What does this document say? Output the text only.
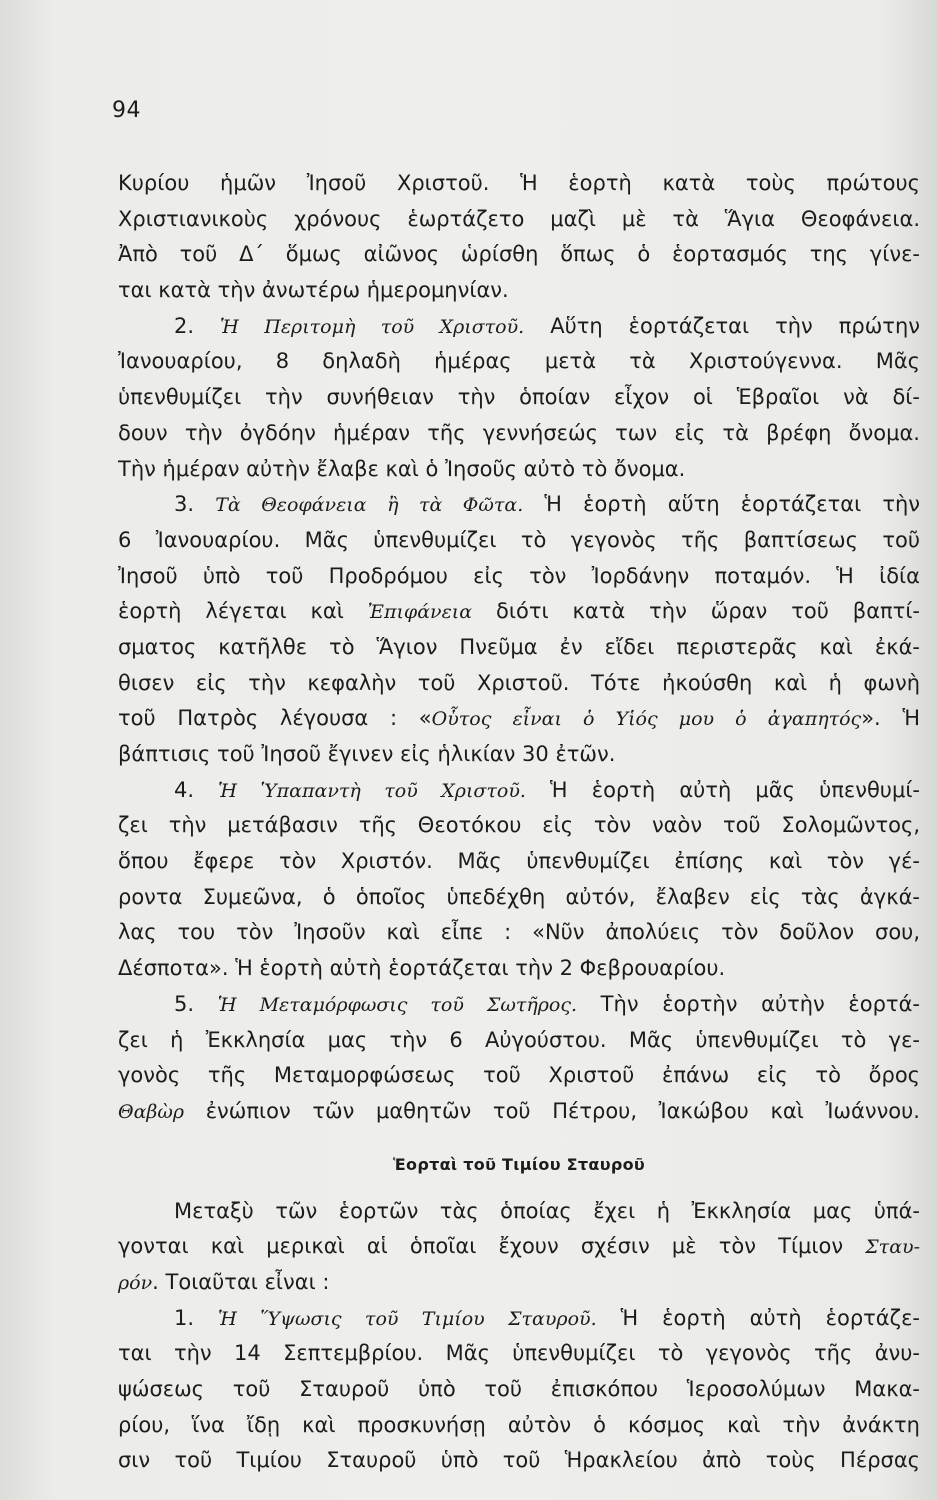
94
Κυρίου ἡμῶν Ἰησοῦ Χριστοῦ. Ἡ ἑορτὴ κατὰ τοὺς πρώτους
Χριστιανικοὺς χρόνους ἑωρτάζετο μαζὶ μὲ τὰ Ἅγια Θεοφάνεια.
Ἀπὸ τοῦ Δ΄ ὅμως αἰῶνος ὡρίσθη ὅπως ὁ ἑορτασμός της γίνε-
ται κατὰ τὴν ἀνωτέρω ἡμερομηνίαν.
2. Ἡ Περιτομὴ τοῦ Χριστοῦ. Αὕτη ἑορτάζεται τὴν πρώτην
Ἰανουαρίου, 8 δηλαδὴ ἡμέρας μετὰ τὰ Χριστούγεννα. Μᾶς
ὑπενθυμίζει τὴν συνήθειαν τὴν ὁποίαν εἶχον οἱ Ἑβραῖοι νὰ δί-
δουν τὴν ὀγδόην ἡμέραν τῆς γεννήσεώς των εἰς τὰ βρέφη ὄνομα.
Τὴν ἡμέραν αὐτὴν ἔλαβε καὶ ὁ Ἰησοῦς αὐτὸ τὸ ὄνομα.
3. Τὰ Θεοφάνεια ἢ τὰ Φῶτα. Ἡ ἑορτὴ αὕτη ἑορτάζεται τὴν
6 Ἰανουαρίου. Μᾶς ὑπενθυμίζει τὸ γεγονὸς τῆς βαπτίσεως τοῦ
Ἰησοῦ ὑπὸ τοῦ Προδρόμου εἰς τὸν Ἰορδάνην ποταμόν. Ἡ ἰδία
ἑορτὴ λέγεται καὶ Ἐπιφάνεια διότι κατὰ τὴν ὥραν τοῦ βαπτί-
σματος κατῆλθε τὸ Ἅγιον Πνεῦμα ἐν εἴδει περιστερᾶς καὶ ἐκά-
θισεν εἰς τὴν κεφαλὴν τοῦ Χριστοῦ. Τότε ἠκούσθη καὶ ἡ φωνὴ
τοῦ Πατρὸς λέγουσα : «Οὗτος εἶναι ὁ Υἱός μου ὁ ἀγαπητός». Ἡ
βάπτισις τοῦ Ἰησοῦ ἔγινεν εἰς ἡλικίαν 30 ἐτῶν.
4. Ἡ Ὑπαπαντὴ τοῦ Χριστοῦ. Ἡ ἑορτὴ αὐτὴ μᾶς ὑπενθυμί-
ζει τὴν μετάβασιν τῆς Θεοτόκου εἰς τὸν ναὸν τοῦ Σολομῶντος,
ὅπου ἔφερε τὸν Χριστόν. Μᾶς ὑπενθυμίζει ἐπίσης καὶ τὸν γέ-
ροντα Συμεῶνα, ὁ ὁποῖος ὑπεδέχθη αὐτόν, ἔλαβεν εἰς τὰς ἀγκά-
λας του τὸν Ἰησοῦν καὶ εἶπε : «Νῦν ἀπολύεις τὸν δοῦλον σου,
Δέσποτα». Ἡ ἑορτὴ αὐτὴ ἑορτάζεται τὴν 2 Φεβρουαρίου.
5. Ἡ Μεταμόρφωσις τοῦ Σωτῆρος. Τὴν ἑορτὴν αὐτὴν ἑορτά-
ζει ἡ Ἐκκλησία μας τὴν 6 Αὐγούστου. Μᾶς ὑπενθυμίζει τὸ γε-
γονὸς τῆς Μεταμορφώσεως τοῦ Χριστοῦ ἐπάνω εἰς τὸ ὄρος
Θαβὼρ ἐνώπιον τῶν μαθητῶν τοῦ Πέτρου, Ἰακώβου καὶ Ἰωάννου.
Ἑορταὶ τοῦ Τιμίου Σταυροῦ
Μεταξὺ τῶν ἑορτῶν τὰς ὁποίας ἔχει ἡ Ἐκκλησία μας ὑπά-
γονται καὶ μερικαὶ αἱ ὁποῖαι ἔχουν σχέσιν μὲ τὸν Τίμιον Σταυ-
ρόν. Τοιαῦται εἶναι :
1. Ἡ Ὕψωσις τοῦ Τιμίου Σταυροῦ. Ἡ ἑορτὴ αὐτὴ ἑορτάζε-
ται τὴν 14 Σεπτεμβρίου. Μᾶς ὑπενθυμίζει τὸ γεγονὸς τῆς ἀνυ-
ψώσεως τοῦ Σταυροῦ ὑπὸ τοῦ ἐπισκόπου Ἱεροσολύμων Μακα-
ρίου, ἵνα ἴδῃ καὶ προσκυνήσῃ αὐτὸν ὁ κόσμος καὶ τὴν ἀνάκτη
σιν τοῦ Τιμίου Σταυροῦ ὑπὸ τοῦ Ἡρακλείου ἀπὸ τοὺς Πέρσας
